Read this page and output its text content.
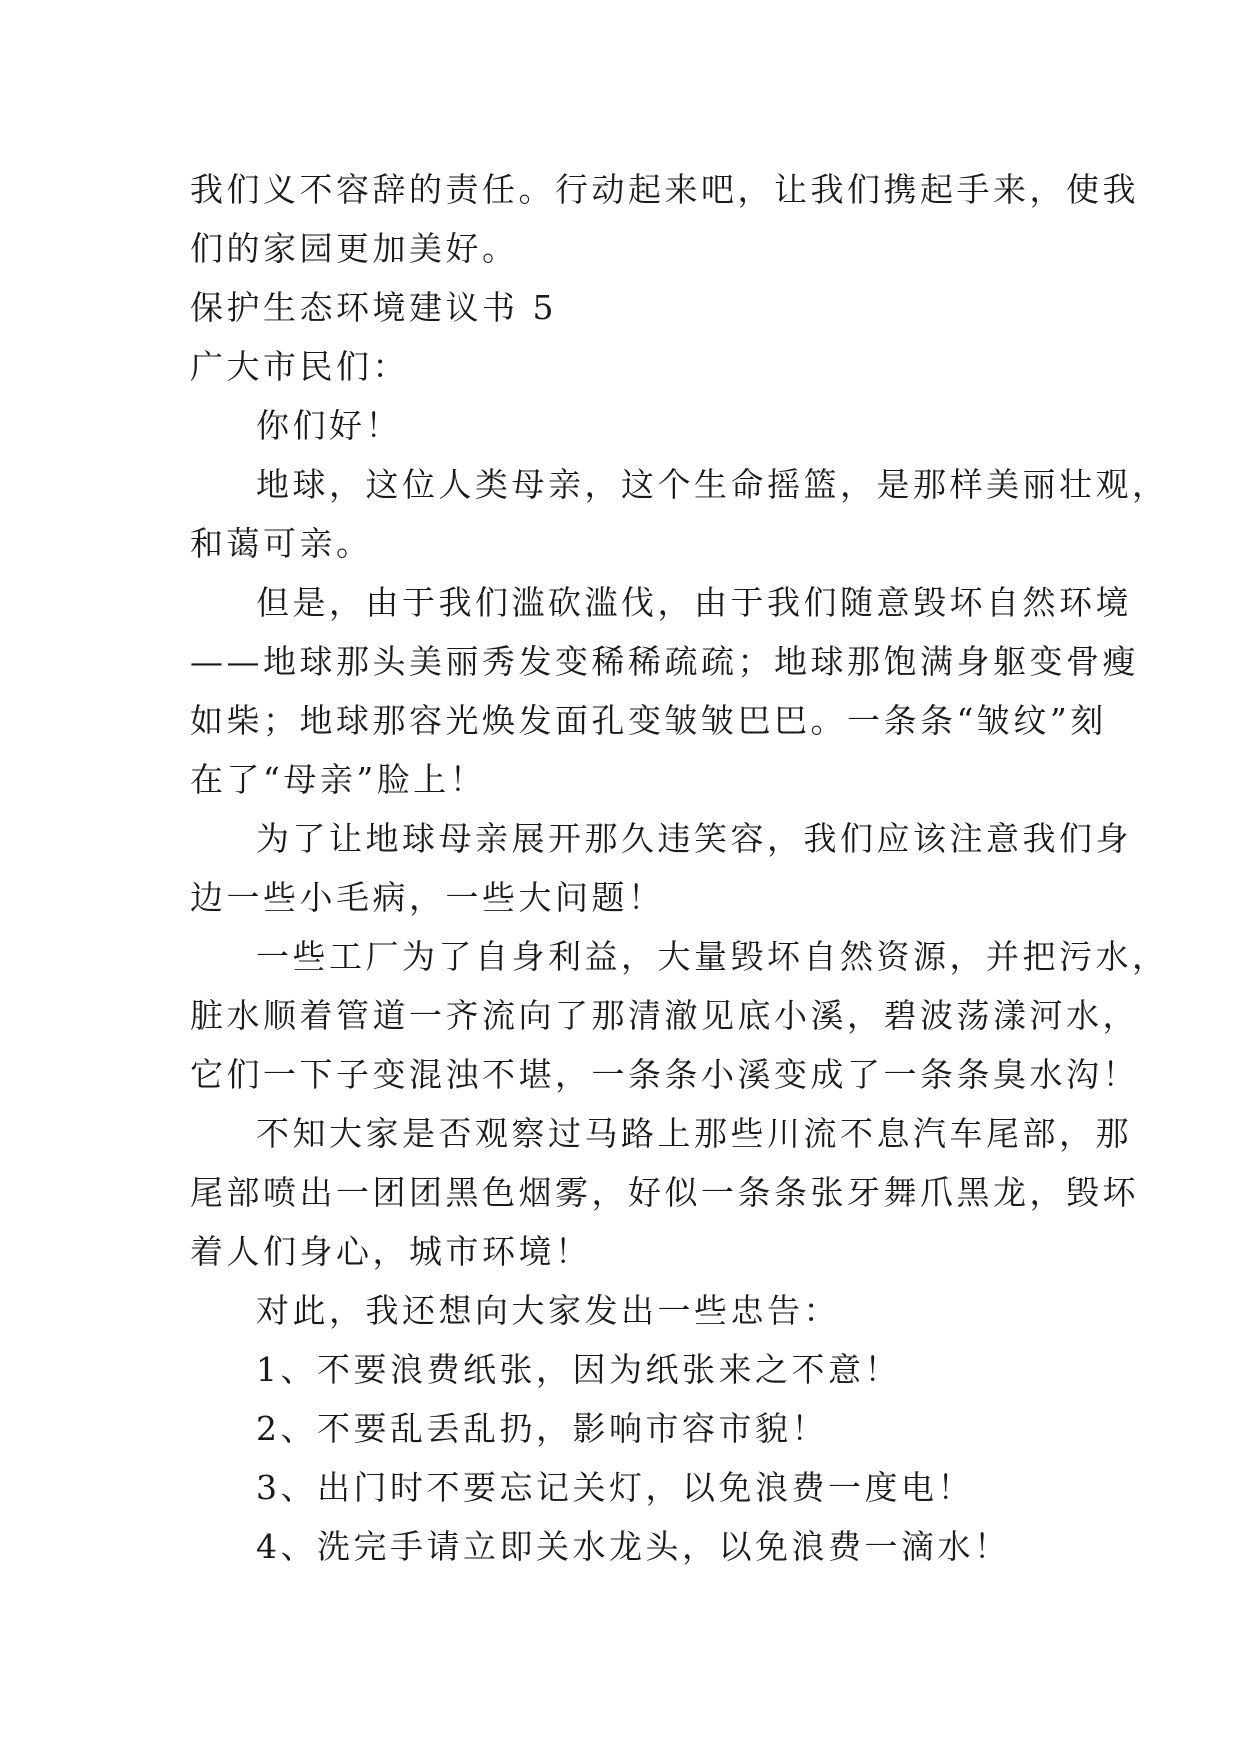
我们义不容辞的责任。行动起来吧，让我们携起手来，使我

们的家园更加美好。

保护生态环境建议书 5

广大市民们：

你们好！

地球，这位人类母亲，这个生命摇篮，是那样美丽壮观，

和蔼可亲。

但是，由于我们滥砍滥伐，由于我们随意毁坏自然环境

——地球那头美丽秀发变稀稀疏疏；地球那饱满身躯变骨瘦

如柴；地球那容光焕发面孔变皱皱巴巴。一条条“皱纹”刻

在了“母亲”脸上！

为了让地球母亲展开那久违笑容，我们应该注意我们身

边一些小毛病，一些大问题！

一些工厂为了自身利益，大量毁坏自然资源，并把污水，

脏水顺着管道一齐流向了那清澈见底小溪，碧波荡漾河水，

它们一下子变混浊不堪，一条条小溪变成了一条条臭水沟！

不知大家是否观察过马路上那些川流不息汽车尾部，那

尾部喷出一团团黑色烟雾，好似一条条张牙舞爪黑龙，毁坏

着人们身心，城市环境！

对此，我还想向大家发出一些忠告：

1、不要浪费纸张，因为纸张来之不意！

2、不要乱丢乱扔，影响市容市貌！

3、出门时不要忘记关灯，以免浪费一度电！

4、洗完手请立即关水龙头，以免浪费一滴水！
